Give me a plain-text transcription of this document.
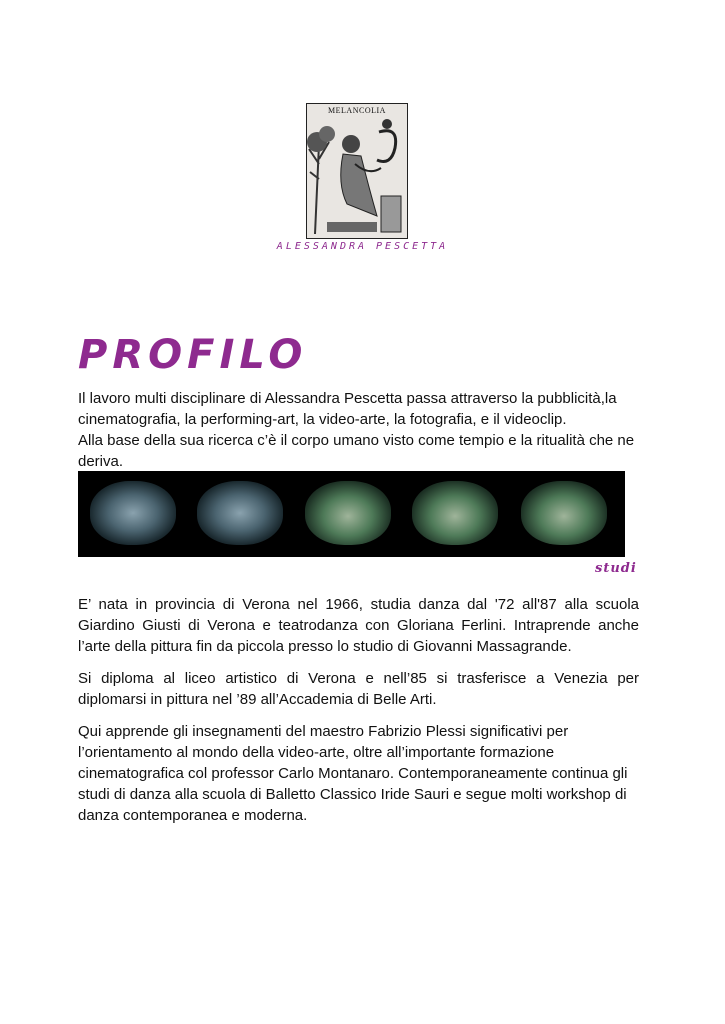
MELANCOLIA
ALESSANDRA PESCETTA
PROFILO

Il lavoro multi disciplinare di Alessandra Pescetta passa attraverso la pubblicità,la cinematografia, la performing-art, la video-arte, la fotografia, e il videoclip.

Alla base della sua ricerca c’è il corpo umano visto come tempio e la ritualità che ne deriva.

studi

E’ nata in provincia di Verona nel 1966, studia danza dal '72 all'87 alla scuola Giardino Giusti di Verona e teatrodanza con Gloriana Ferlini. Intraprende anche l’arte della pittura fin da piccola presso lo studio di Giovanni Massagrande.

Si diploma al liceo artistico di Verona e nell’85 si trasferisce a Venezia per diplomarsi in pittura nel ’89 all’Accademia di Belle Arti.

Qui apprende gli insegnamenti del maestro Fabrizio Plessi significativi per l’orientamento al mondo della video-arte, oltre all’importante formazione cinematografica col professor Carlo Montanaro. Contemporaneamente continua gli studi di danza alla scuola di Balletto Classico Iride Sauri e segue molti workshop di danza contemporanea e moderna.
